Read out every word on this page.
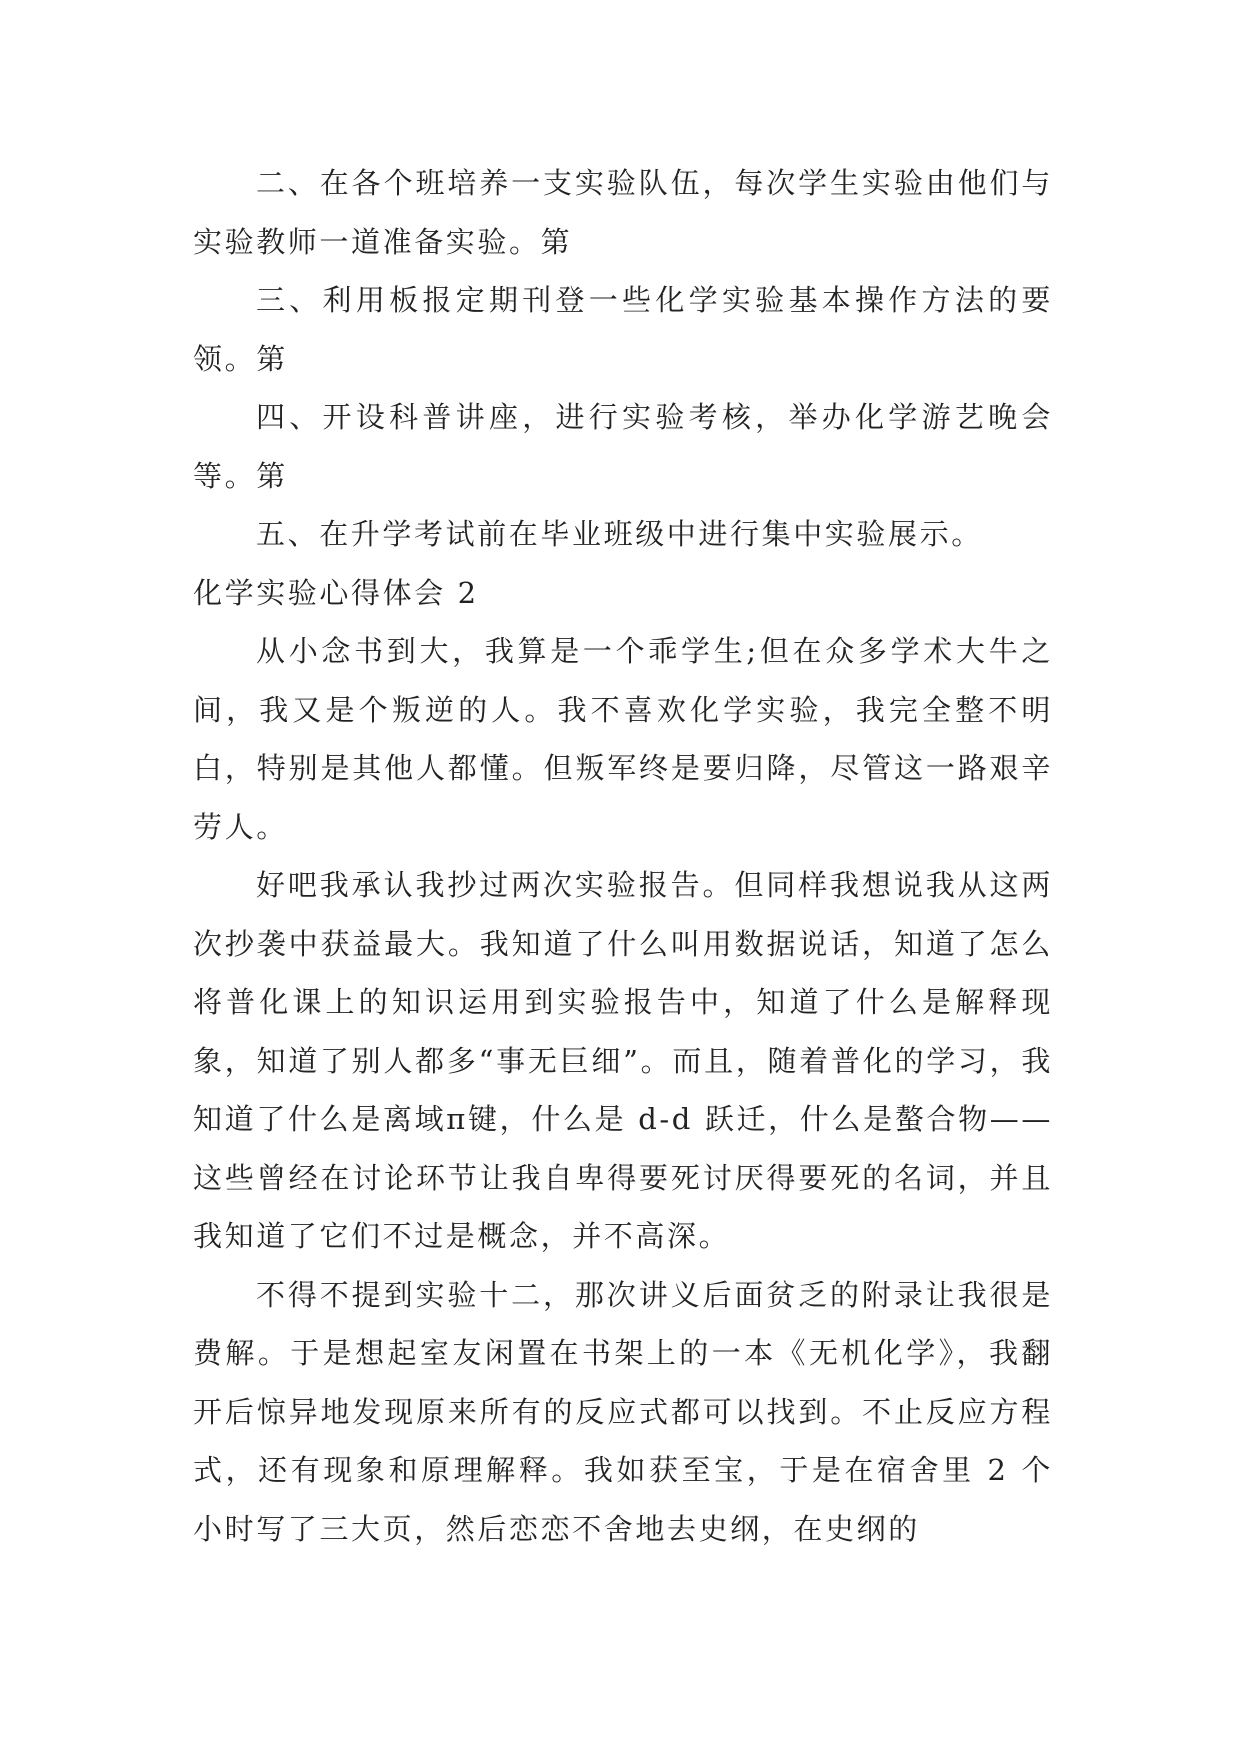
二、在各个班培养一支实验队伍，每次学生实验由他们与实验教师一道准备实验。第

三、利用板报定期刊登一些化学实验基本操作方法的要领。第

四、开设科普讲座，进行实验考核，举办化学游艺晚会等。第

五、在升学考试前在毕业班级中进行集中实验展示。

化学实验心得体会 2

从小念书到大，我算是一个乖学生;但在众多学术大牛之间，我又是个叛逆的人。我不喜欢化学实验，我完全整不明白，特别是其他人都懂。但叛军终是要归降，尽管这一路艰辛劳人。

好吧我承认我抄过两次实验报告。但同样我想说我从这两次抄袭中获益最大。我知道了什么叫用数据说话，知道了怎么将普化课上的知识运用到实验报告中，知道了什么是解释现象，知道了别人都多“事无巨细”。而且，随着普化的学习，我知道了什么是离域π键，什么是 d-d 跃迁，什么是螯合物——这些曾经在讨论环节让我自卑得要死讨厌得要死的名词，并且我知道了它们不过是概念，并不高深。

不得不提到实验十二，那次讲义后面贫乏的附录让我很是费解。于是想起室友闲置在书架上的一本《无机化学》，我翻开后惊异地发现原来所有的反应式都可以找到。不止反应方程式，还有现象和原理解释。我如获至宝，于是在宿舍里 2 个小时写了三大页，然后恋恋不舍地去史纲，在史纲的
